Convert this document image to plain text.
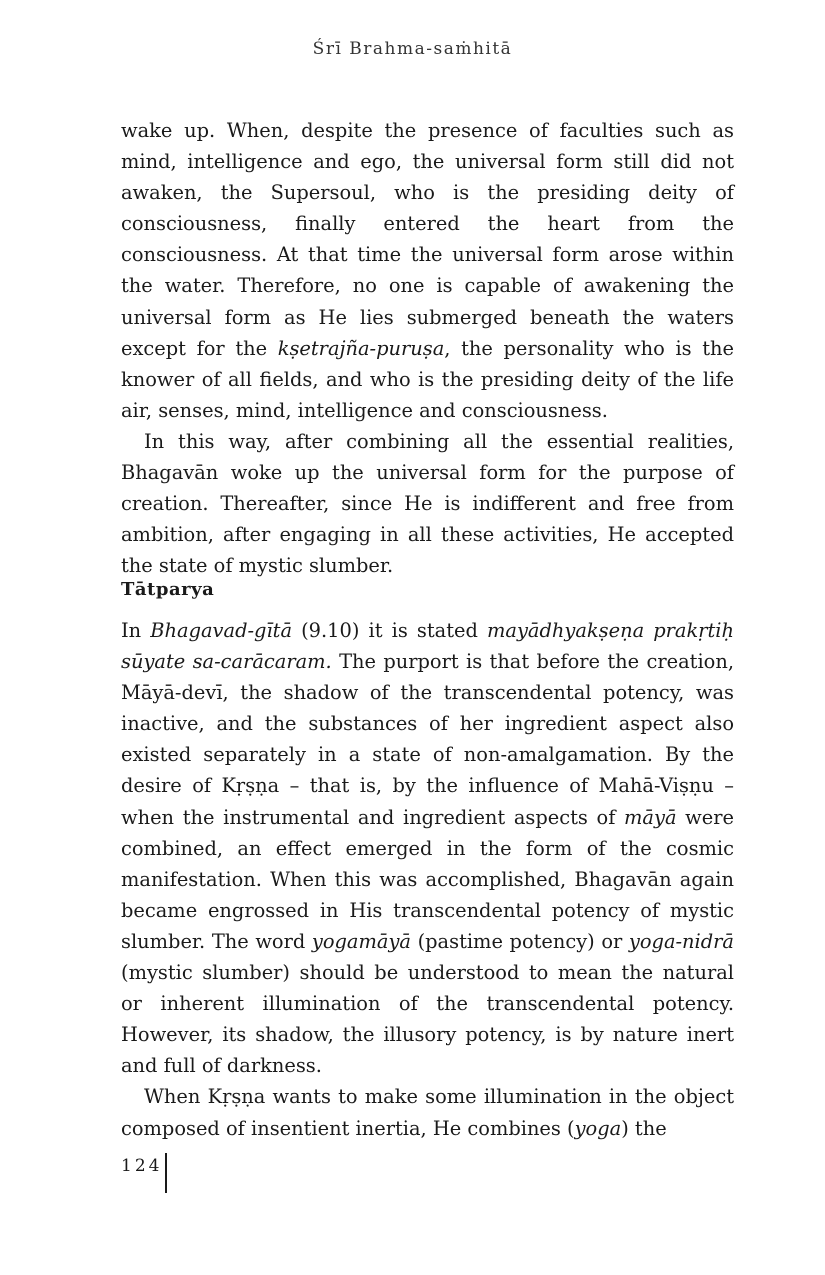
Śrī Brahma-saṁhitā

wake up. When, despite the presence of faculties such as mind, intelligence and ego, the universal form still did not awaken, the Supersoul, who is the presiding deity of consciousness, finally entered the heart from the consciousness. At that time the universal form arose within the water. Therefore, no one is capable of awakening the universal form as He lies submerged beneath the waters except for the kṣetrajña-puruṣa, the personality who is the knower of all fields, and who is the presiding deity of the life air, senses, mind, intelligence and consciousness.

In this way, after combining all the essential realities, Bhagavān woke up the universal form for the purpose of creation. Thereafter, since He is indifferent and free from ambition, after engaging in all these activities, He accepted the state of mystic slumber.

Tātparya

In Bhagavad-gītā (9.10) it is stated mayādhyakṣeṇa prakṛtiḥ sūyate sa-carācaram. The purport is that before the creation, Māyā-devī, the shadow of the transcendental potency, was inactive, and the substances of her ingredient aspect also existed separately in a state of non-amalgamation. By the desire of Kṛṣṇa – that is, by the influence of Mahā-Viṣṇu – when the instrumental and ingredient aspects of māyā were combined, an effect emerged in the form of the cosmic manifestation. When this was accomplished, Bhagavān again became engrossed in His transcendental potency of mystic slumber. The word yogamāyā (pastime potency) or yoga-nidrā (mystic slumber) should be understood to mean the natural or inherent illumination of the transcendental potency. However, its shadow, the illusory potency, is by nature inert and full of darkness.

When Kṛṣṇa wants to make some illumination in the object composed of insentient inertia, He combines (yoga) the

124
